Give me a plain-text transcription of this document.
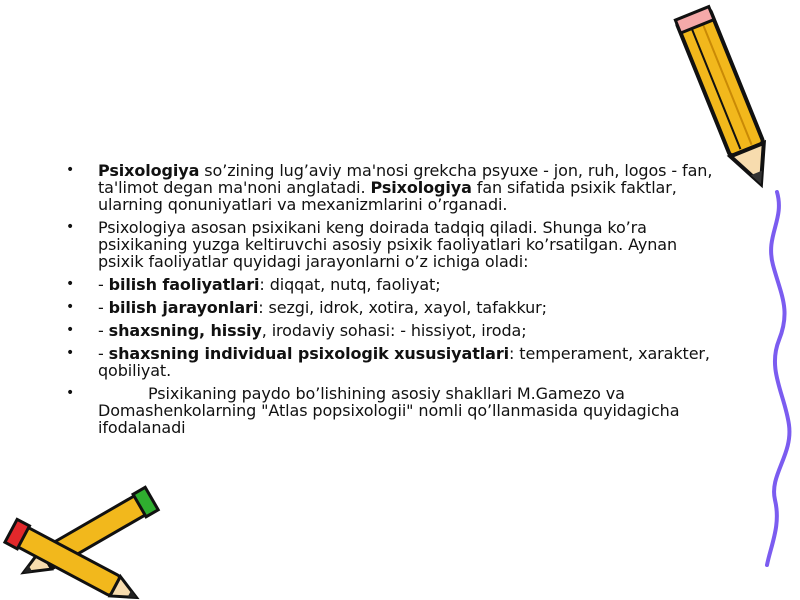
• Psixologiya so’zining lug’aviy ma'nosi grekcha psyuxe - jon, ruh, logos - fan, ta'limot degan ma'noni anglatadi. Psixologiya fan sifatida psixik faktlar, ularning qonuniyatlari va mexanizmlarini o’rganadi.
• Psixologiya asosan psixikani keng doirada tadqiq qiladi. Shunga ko’ra psixikaning yuzga keltiruvchi asosiy psixik faoliyatlari ko’rsatilgan. Aynan psixik faoliyatlar quyidagi jarayonlarni o’z ichiga oladi:
• - bilish faoliyatlari: diqqat, nutq, faoliyat;
• - bilish jarayonlari: sezgi, idrok, xotira, xayol, tafakkur;
• - shaxsning, hissiy, irodaviy sohasi: - hissiyot, iroda;
• - shaxsning individual psixologik xususiyatlari: temperament, xarakter, qobiliyat.
•	Psixikaning paydo bo’lishining asosiy shakllari M.Gamezo va Domashenkolarning "Atlas popsixologii" nomli qo’llanmasida quyidagicha ifodalanadi
